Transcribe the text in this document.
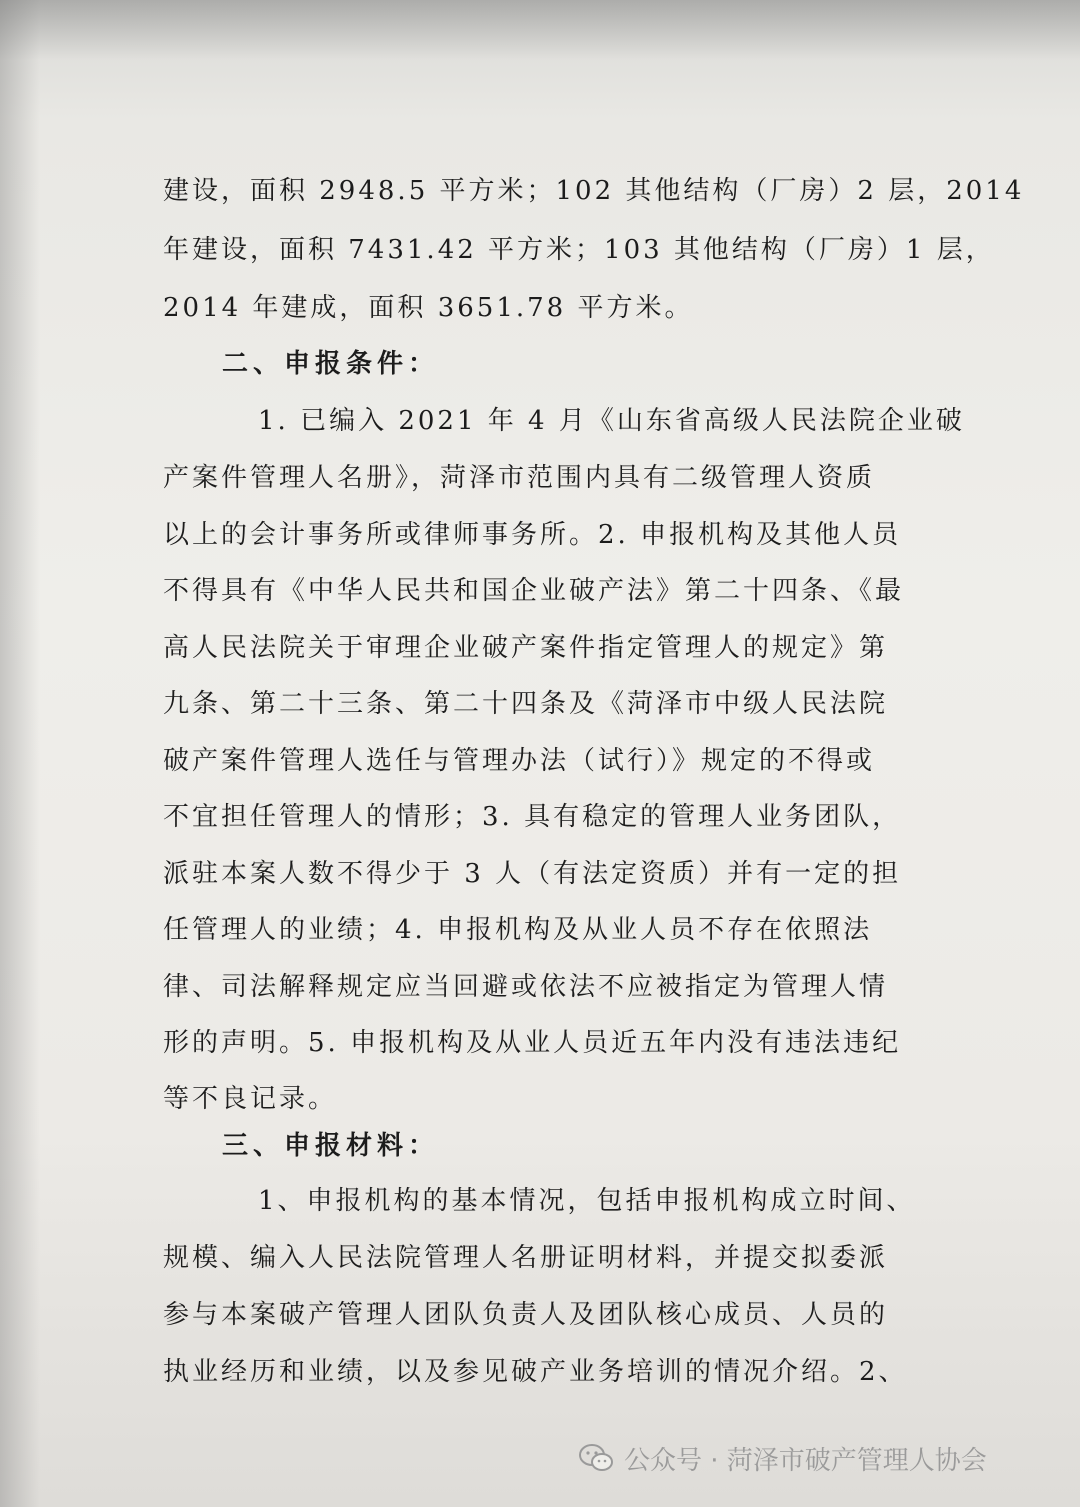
建设，面积 2948.5 平方米；102 其他结构（厂房）2 层，2014
年建设，面积 7431.42 平方米；103 其他结构（厂房）1 层，
2014 年建成，面积 3651.78 平方米。
二、申报条件：
1. 已编入 2021 年 4 月《山东省高级人民法院企业破
产案件管理人名册》，菏泽市范围内具有二级管理人资质
以上的会计事务所或律师事务所。2. 申报机构及其他人员
不得具有《中华人民共和国企业破产法》第二十四条、《最
高人民法院关于审理企业破产案件指定管理人的规定》第
九条、第二十三条、第二十四条及《菏泽市中级人民法院
破产案件管理人选任与管理办法（试行）》规定的不得或
不宜担任管理人的情形；3. 具有稳定的管理人业务团队，
派驻本案人数不得少于 3 人（有法定资质）并有一定的担
任管理人的业绩；4. 申报机构及从业人员不存在依照法
律、司法解释规定应当回避或依法不应被指定为管理人情
形的声明。5. 申报机构及从业人员近五年内没有违法违纪
等不良记录。
三、申报材料：
1、申报机构的基本情况，包括申报机构成立时间、
规模、编入人民法院管理人名册证明材料，并提交拟委派
参与本案破产管理人团队负责人及团队核心成员、人员的
执业经历和业绩，以及参见破产业务培训的情况介绍。2、
公众号 · 菏泽市破产管理人协会
